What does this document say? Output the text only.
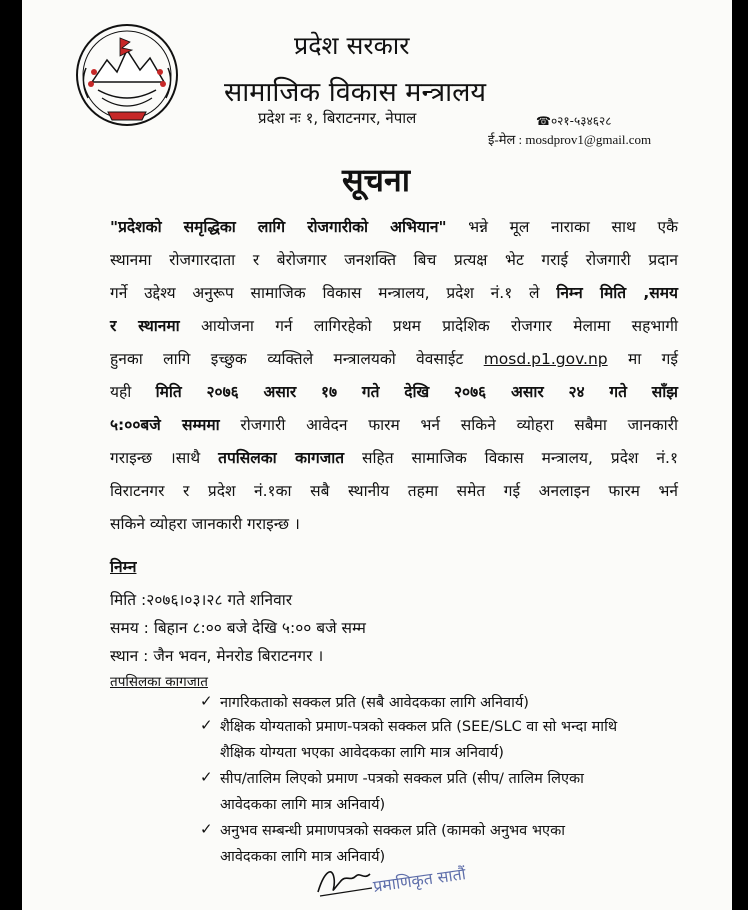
प्रदेश सरकार
सामाजिक विकास मन्त्रालय
प्रदेश नः १, बिराटनगर, नेपाल	☎०२१-५३४६२८
ई-मेल : mosdprov1@gmail.com
सूचना
"प्रदेशको समृद्धिका लागि रोजगारीको अभियान" भन्ने मूल नाराका साथ एकै
स्थानमा रोजगारदाता र बेरोजगार जनशक्ति बिच प्रत्यक्ष भेट गराई रोजगारी प्रदान
गर्ने उद्देश्य अनुरूप सामाजिक विकास मन्त्रालय, प्रदेश नं.१ ले निम्न मिति ,समय
र स्थानमा आयोजना गर्न लागिरहेको प्रथम प्रादेशिक रोजगार मेलामा सहभागी
हुनका लागि इच्छुक व्यक्तिले मन्त्रालयको वेवसाईट mosd.p1.gov.np मा गई
यही मिति २०७६ असार १७ गते देखि २०७६ असार २४ गते साँझ
५:००बजे सम्ममा रोजगारी आवेदन फारम भर्न सकिने व्योहरा सबैमा जानकारी
गराइन्छ ।साथै तपसिलका कागजात सहित सामाजिक विकास मन्त्रालय, प्रदेश नं.१
विराटनगर र प्रदेश नं.१का सबै स्थानीय तहमा समेत गई अनलाइन फारम भर्न
सकिने व्योहरा जानकारी गराइन्छ ।
निम्न
मिति :२०७६।०३।२८ गते शनिवार
समय : बिहान ८:०० बजे देखि ५:०० बजे सम्म
स्थान : जैन भवन, मेनरोड बिराटनगर ।
तपसिलका कागजात
✓ नागरिकताको सक्कल प्रति (सबै आवेदकका लागि अनिवार्य)
✓ शैक्षिक योग्यताको प्रमाण-पत्रको सक्कल प्रति (SEE/SLC वा सो भन्दा माथि
शैक्षिक योग्यता भएका आवेदकका लागि मात्र अनिवार्य)
✓ सीप/तालिम लिएको प्रमाण -पत्रको सक्कल प्रति (सीप/ तालिम लिएका
आवेदकका लागि मात्र अनिवार्य)
✓ अनुभव सम्बन्धी प्रमाणपत्रको सक्कल प्रति (कामको अनुभव भएका
आवेदकका लागि मात्र अनिवार्य)
प्रमाणिकृत सातौं
